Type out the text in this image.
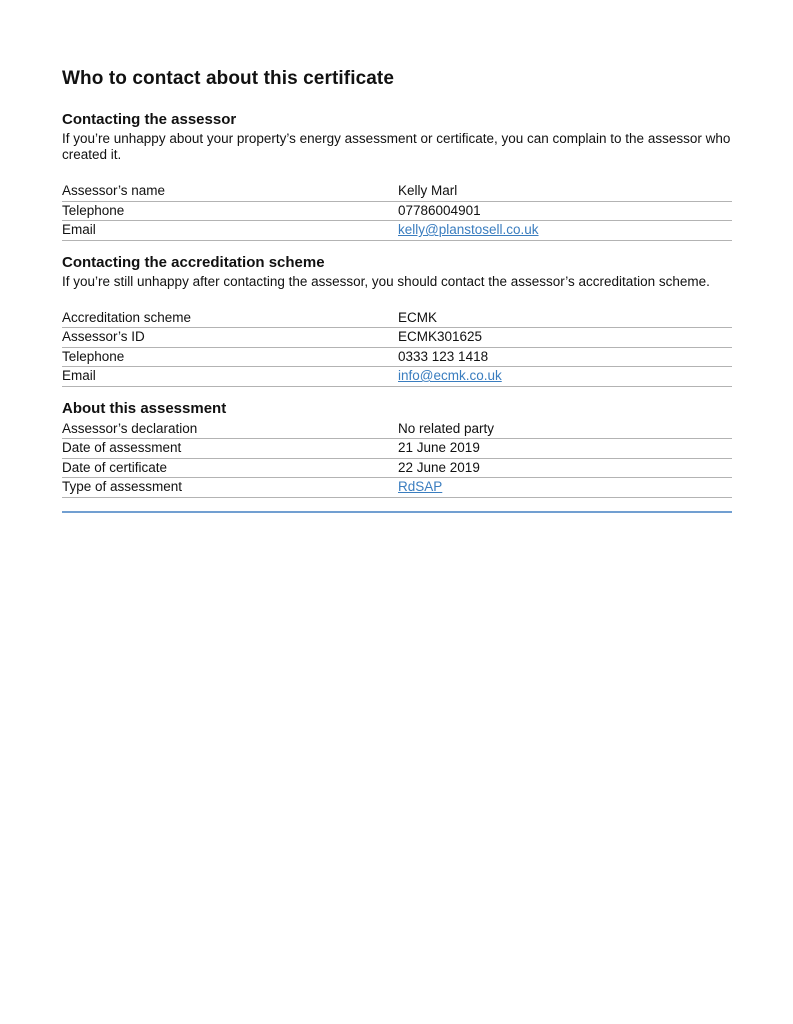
Who to contact about this certificate
Contacting the assessor

If you’re unhappy about your property’s energy assessment or certificate, you can complain to the assessor who created it.

Assessor’s name	Kelly Marl
Telephone	07786004901
Email	kelly@planstosell.co.uk
Contacting the accreditation scheme

If you’re still unhappy after contacting the assessor, you should contact the assessor’s accreditation scheme.

Accreditation scheme	ECMK
Assessor’s ID	ECMK301625
Telephone	0333 123 1418
Email	info@ecmk.co.uk
About this assessment
Assessor’s declaration	No related party
Date of assessment	21 June 2019
Date of certificate	22 June 2019
Type of assessment	RdSAP
